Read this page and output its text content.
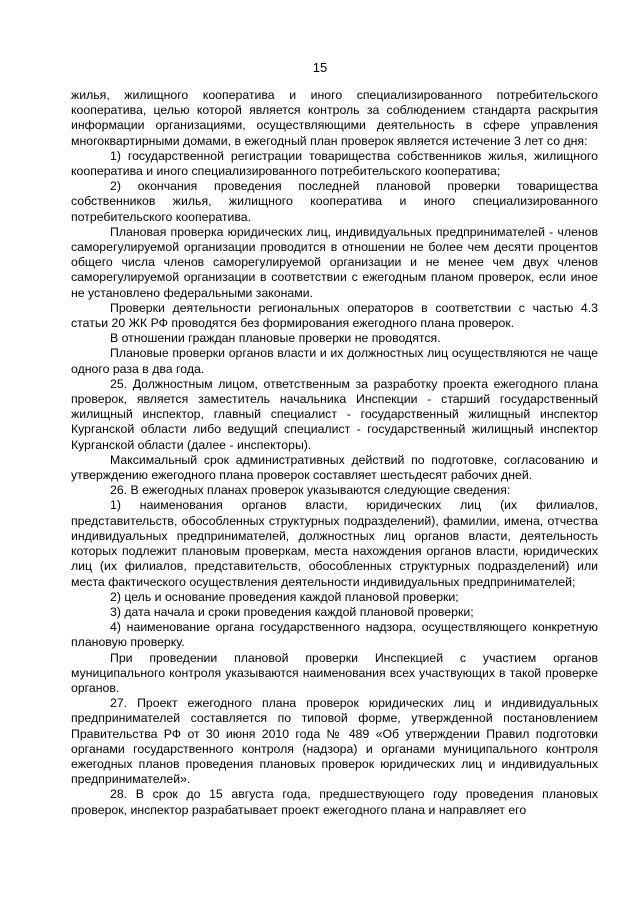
15

жилья, жилищного кооператива и иного специализированного потребительского кооператива, целью которой является контроль за соблюдением стандарта раскрытия информации организациями, осуществляющими деятельность в сфере управления многоквартирными домами, в ежегодный план проверок является истечение 3 лет со дня:

1) государственной регистрации товарищества собственников жилья, жилищного кооператива и иного специализированного потребительского кооператива;

2) окончания проведения последней плановой проверки товарищества собственников жилья, жилищного кооператива и иного специализированного потребительского кооператива.

Плановая проверка юридических лиц, индивидуальных предпринимателей - членов саморегулируемой организации проводится в отношении не более чем десяти процентов общего числа членов саморегулируемой организации и не менее чем двух членов саморегулируемой организации в соответствии с ежегодным планом проверок, если иное не установлено федеральными законами.

Проверки деятельности региональных операторов в соответствии с частью 4.3 статьи 20 ЖК РФ проводятся без формирования ежегодного плана проверок.

В отношении граждан плановые проверки не проводятся.

Плановые проверки органов власти и их должностных лиц осуществляются не чаще одного раза в два года.

25. Должностным лицом, ответственным за разработку проекта ежегодного плана проверок, является заместитель начальника Инспекции - старший государственный жилищный инспектор, главный специалист - государственный жилищный инспектор Курганской области либо ведущий специалист - государственный жилищный инспектор Курганской области (далее - инспекторы).

Максимальный срок административных действий по подготовке, согласованию и утверждению ежегодного плана проверок составляет шестьдесят рабочих дней.

26. В ежегодных планах проверок указываются следующие сведения:

1) наименования органов власти, юридических лиц (их филиалов, представительств, обособленных структурных подразделений), фамилии, имена, отчества индивидуальных предпринимателей, должностных лиц органов власти, деятельность которых подлежит плановым проверкам, места нахождения органов власти, юридических лиц (их филиалов, представительств, обособленных структурных подразделений) или места фактического осуществления деятельности индивидуальных предпринимателей;

2) цель и основание проведения каждой плановой проверки;

3) дата начала и сроки проведения каждой плановой проверки;

4) наименование органа государственного надзора, осуществляющего конкретную плановую проверку.

При проведении плановой проверки Инспекцией с участием органов муниципального контроля указываются наименования всех участвующих в такой проверке органов.

27. Проект ежегодного плана проверок юридических лиц и индивидуальных предпринимателей составляется по типовой форме, утвержденной постановлением Правительства РФ от 30 июня 2010 года № 489 «Об утверждении Правил подготовки органами государственного контроля (надзора) и органами муниципального контроля ежегодных планов проведения плановых проверок юридических лиц и индивидуальных предпринимателей».

28. В срок до 15 августа года, предшествующего году проведения плановых проверок, инспектор разрабатывает проект ежегодного плана и направляет его
